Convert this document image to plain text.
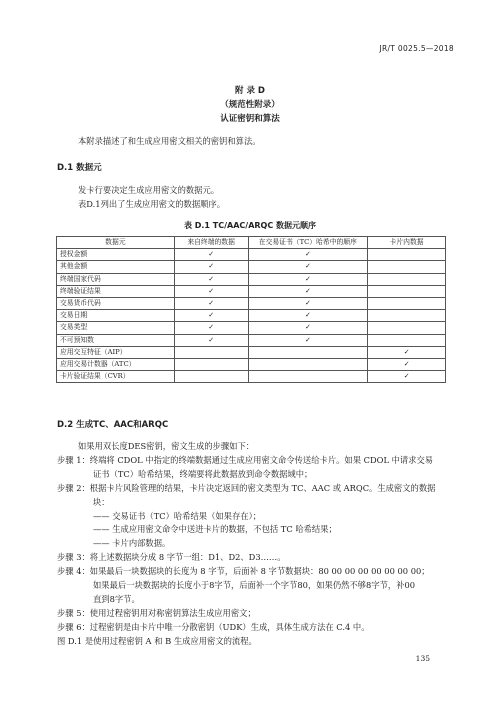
JR/T 0025.5—2018
附 录 D
（规范性附录）
认证密钥和算法
本附录描述了和生成应用密文相关的密钥和算法。
D.1 数据元
发卡行要决定生成应用密文的数据元。
表D.1列出了生成应用密文的数据顺序。
表 D.1 TC/AAC/ARQC 数据元顺序
数据元	来自终端的数据	在交易证书（TC）哈希中的顺序	卡片内数据
授权金额	✓	✓	
其他金额	✓	✓	
终端国家代码	✓	✓	
终端验证结果	✓	✓	
交易货币代码	✓	✓	
交易日期	✓	✓	
交易类型	✓	✓	
不可预知数	✓	✓	
应用交互特征（AIP）			✓
应用交易计数器（ATC）			✓
卡片验证结果（CVR）			✓
D.2 生成TC、AAC和ARQC
如果用双长度DES密钥，密文生成的步骤如下：
步骤 1：终端将 CDOL 中指定的终端数据通过生成应用密文命令传送给卡片。如果 CDOL 中请求交易
证书（TC）哈希结果，终端要将此数据放到命令数据域中；
步骤 2：根据卡片风险管理的结果，卡片决定返回的密文类型为 TC、AAC 或 ARQC。生成密文的数据
块：
—— 交易证书（TC）哈希结果（如果存在）；
—— 生成应用密文命令中送进卡片的数据，不包括 TC 哈希结果；
—— 卡片内部数据。
步骤 3：将上述数据块分成 8 字节一组：D1、D2、D3……。
步骤 4：如果最后一块数据块的长度为 8 字节，后面补 8 字节数据块：80 00 00 00 00 00 00 00；
如果最后一块数据块的长度小于8字节，后面补一个字节80，如果仍然不够8字节，补00
直到8字节。
步骤 5：使用过程密钥用对称密钥算法生成应用密文；
步骤 6：过程密钥是由卡片中唯一分散密钥（UDK）生成，具体生成方法在 C.4 中。
图 D.1 是使用过程密钥 A 和 B 生成应用密文的流程。
135
